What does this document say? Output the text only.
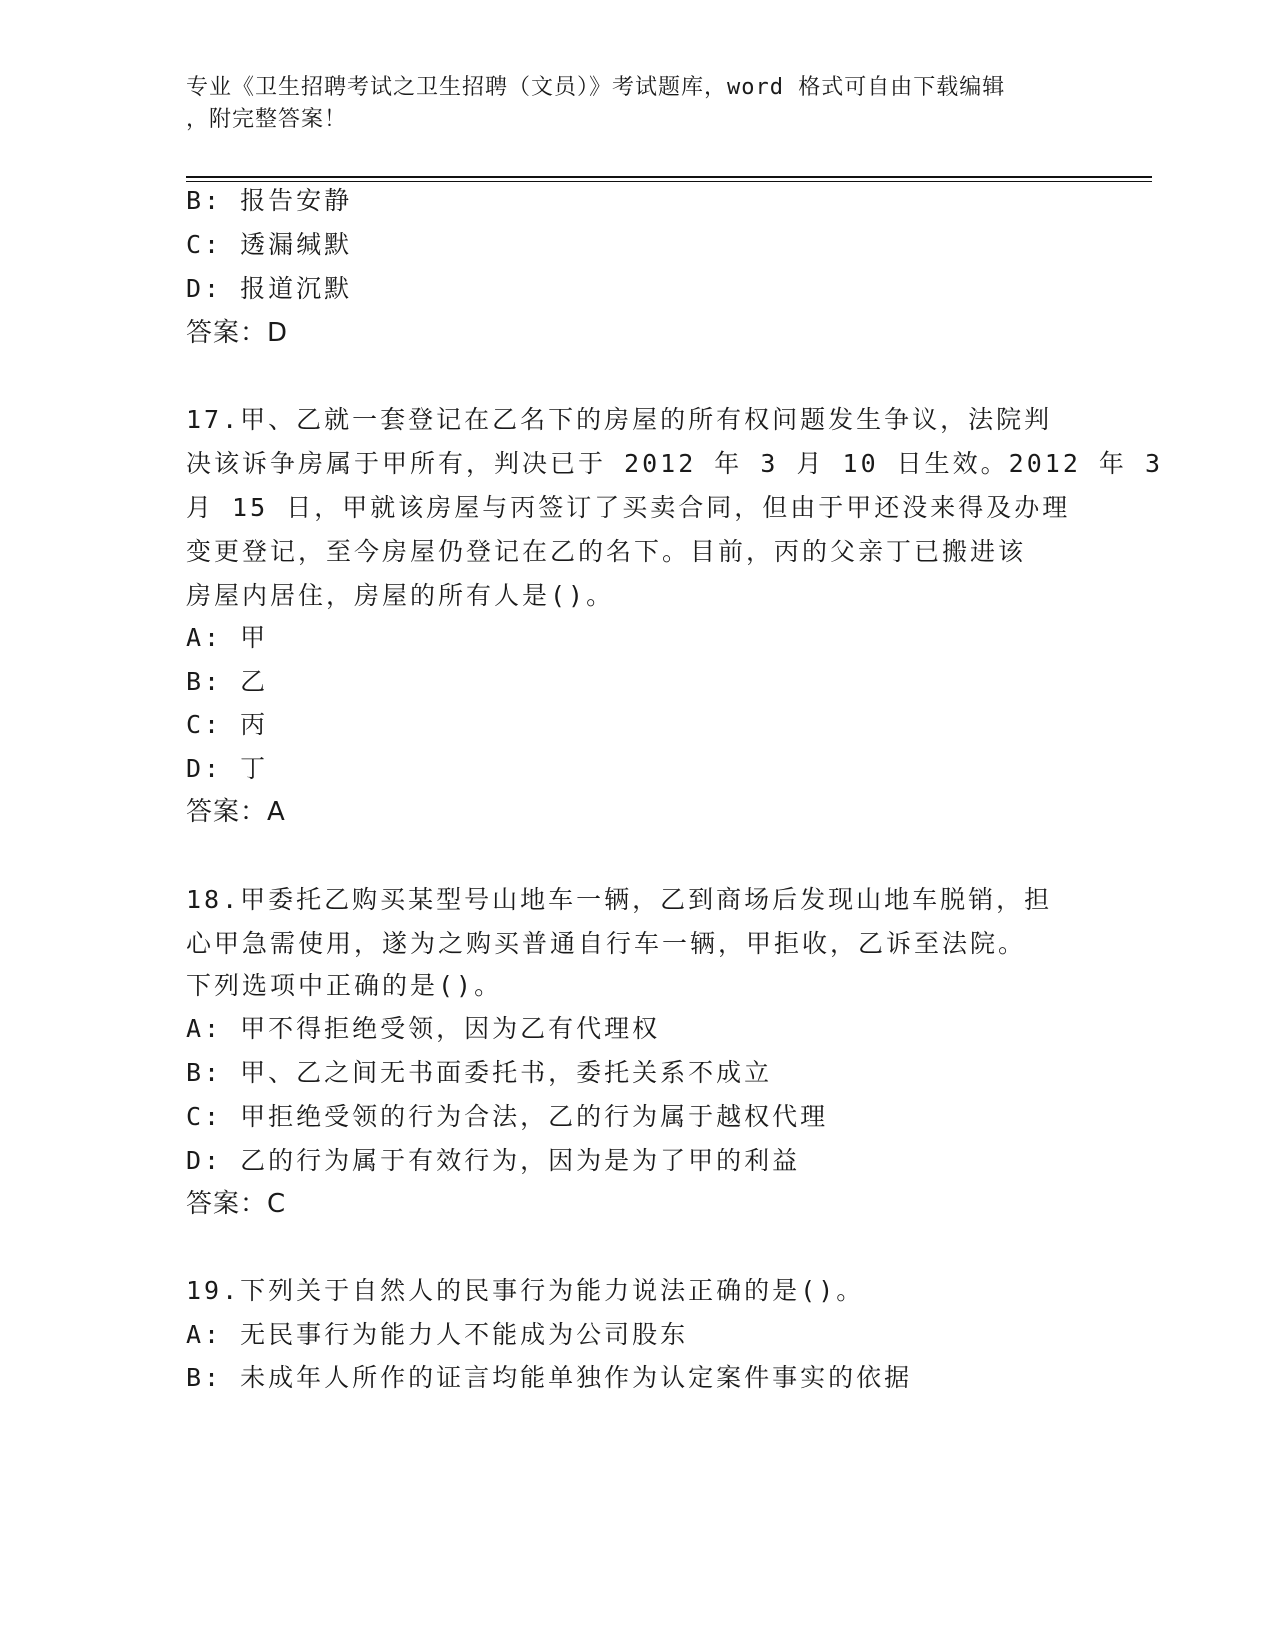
专业《卫生招聘考试之卫生招聘（文员）》考试题库，word 格式可自由下载编辑
，附完整答案！
B: 报告安静
C: 透漏缄默
D: 报道沉默
答案：D
17.甲、乙就一套登记在乙名下的房屋的所有权问题发生争议，法院判
决该诉争房属于甲所有，判决已于 2012 年 3 月 10 日生效。2012 年 3
月 15 日，甲就该房屋与丙签订了买卖合同，但由于甲还没来得及办理
变更登记，至今房屋仍登记在乙的名下。目前，丙的父亲丁已搬进该
房屋内居住，房屋的所有人是()。
A: 甲
B: 乙
C: 丙
D: 丁
答案：A
18.甲委托乙购买某型号山地车一辆，乙到商场后发现山地车脱销，担
心甲急需使用，遂为之购买普通自行车一辆，甲拒收，乙诉至法院。
下列选项中正确的是()。
A: 甲不得拒绝受领，因为乙有代理权
B: 甲、乙之间无书面委托书，委托关系不成立
C: 甲拒绝受领的行为合法，乙的行为属于越权代理
D: 乙的行为属于有效行为，因为是为了甲的利益
答案：C
19.下列关于自然人的民事行为能力说法正确的是()。
A: 无民事行为能力人不能成为公司股东
B: 未成年人所作的证言均能单独作为认定案件事实的依据
